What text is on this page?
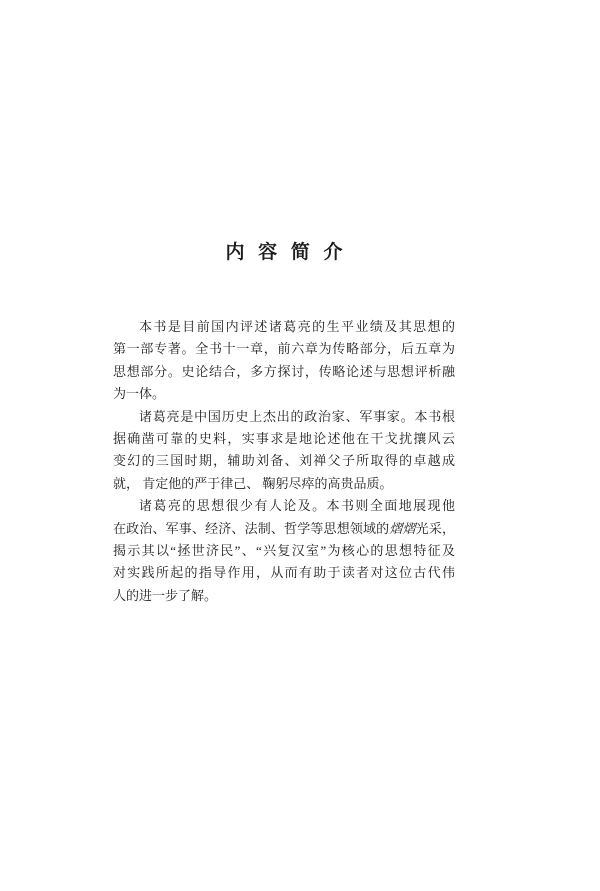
内容简介
本书是目前国内评述诸葛亮的生平业绩及其思想的
第一部专著。全书十一章，前六章为传略部分，后五章为
思想部分。史论结合，多方探讨，传略论述与思想评析融
为一体。
诸葛亮是中国历史上杰出的政治家、军事家。本书根
据确凿可靠的史料，实事求是地论述他在干戈扰攘风云
变幻的三国时期，辅助刘备、刘禅父子所取得的卓越成
就， 肯定他的严于律己、 鞠躬尽瘁的高贵品质。
诸葛亮的思想很少有人论及。本书则全面地展现他
在政治、军事、经济、法制、哲学等思想领域的熠熠光采，
揭示其以“拯世济民”、“兴复汉室”为核心的思想特征及
对实践所起的指导作用，从而有助于读者对这位古代伟
人的进一步了解。
